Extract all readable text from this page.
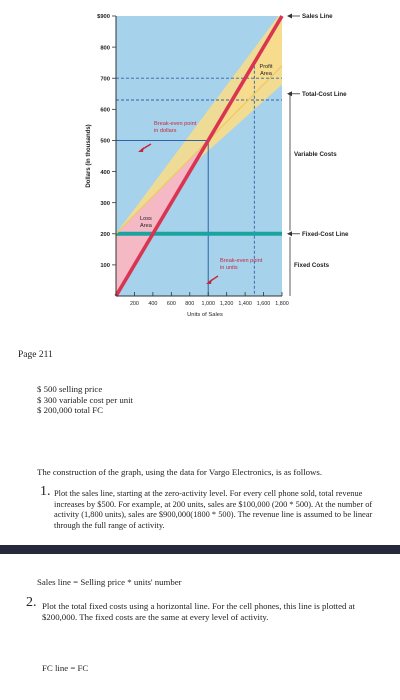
$900
800
700
600
500
400
300
200
100
200 400 600 800 1,000 1,200 1,400 1,600 1,800
Units of Sales
Dollars (in thousands)
Profit Area
Loss Area
Break-even point in dollars
Break-even point in units
Sales Line
Total-Cost Line
Fixed-Cost Line
Variable Costs
Fixed Costs
Page 211
$ 500 selling price
$ 300 variable cost per unit
$ 200,000 total FC
The construction of the graph, using the data for Vargo Electronics, is as follows.
1. Plot the sales line, starting at the zero-activity level. For every cell phone sold, total revenue increases by $500. For example, at 200 units, sales are $100,000 (200 * 500). At the number of activity (1,800 units), sales are $900,000(1800 * 500). The revenue line is assumed to be linear through the full range of activity.
Sales line = Selling price * units' number
2. Plot the total fixed costs using a horizontal line. For the cell phones, this line is plotted at $200,000. The fixed costs are the same at every level of activity.
FC line = FC
